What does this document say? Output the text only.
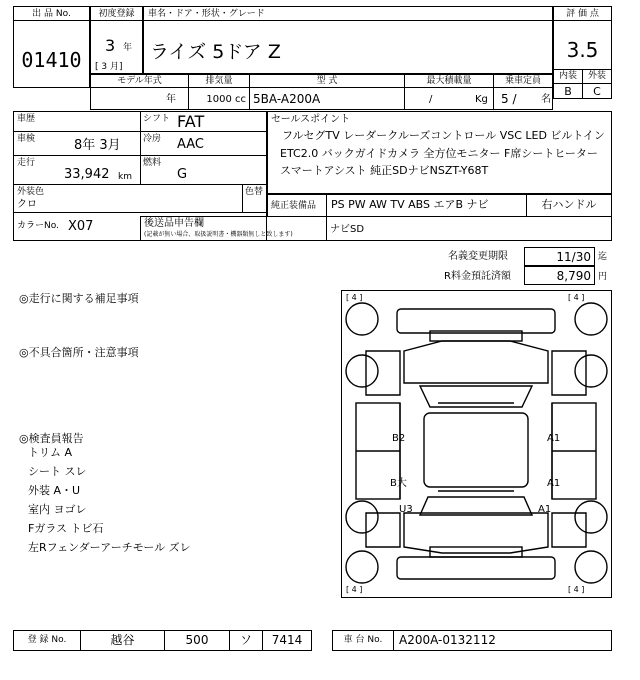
出 品 No.
01410
初度登録
3 年
[ 3 月]
車名・ドア・形状・グレード
ライズ 5ドア Z
評 価 点
3.5
内装	外装
B	C
モデル年式
年
排気量
1000 cc
型 式
5BA-A200A
最大積載量
/	Kg
乗車定員
5 / 名
車歴	シフト FAT
車検	8年 3月 冷房 AAC
走行
33,942 km
燃料
G
外装色
クロ
色替
カラーNo. X07	後送品申告欄
(記載が無い場合、取扱説明書・機器類無しと致します)	ナビSD
セールスポイント
フルセグTV レーダークルーズコントロール VSC LED ビルトイン
ETC2.0 バックガイドカメラ 全方位モニター F席シートヒーター
スマートアシスト 純正SDナビNSZT-Y68T
純正装備品 PS PW AW TV ABS エアB ナビ	右ハンドル
名義変更期限	11/30 迄
R料金預託済額	8,790 円
◎走行に関する補足事項
◎不具合箇所・注意事項
◎検査員報告
トリム A
シート スレ
外装 A・U
室内 ヨゴレ
Fガラス トビ石
左Rフェンダーアーチモール ズレ
[ 4 ]	[ 4 ]
[ 4 ]	[ 4 ]
B2	A1
B大	A1
U3	A1
登 録 No.	越谷	500	ソ	7414	車 台 No.	A200A-0132112
